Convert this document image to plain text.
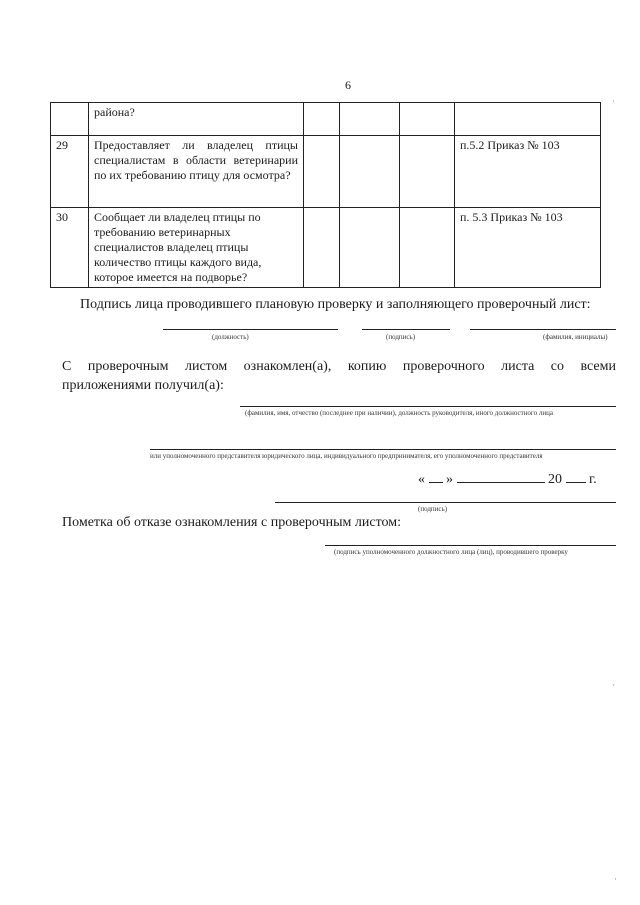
6
	района?				
29	Предоставляет ли владелец птицы специалистам в области ветеринарии по их требованию птицу для осмотра?				п.5.2 Приказ № 103
30	Сообщает ли владелец птицы по требованию ветеринарных специалистов владелец птицы количество птицы каждого вида, которое имеется на подворье?				п. 5.3 Приказ № 103
Подпись лица проводившего плановую проверку и заполняющего проверочный лист:
(должность)	(подпись)	(фамилия, инициалы)
С проверочным листом ознакомлен(а), копию проверочного листа со всеми
приложениями получил(а):
(фамилия, имя, отчество (последнее при наличии), должность руководителя, иного должностного лица
или уполномоченного представителя юридического лица, индивидуального предпринимателя, его уполномоченного представителя
« »	20 г.
(подпись)
Пометка об отказе ознакомления с проверочным листом:
(подпись уполномоченного должностного лица (лиц), проводившего проверку
ˈ
ˋ
·
